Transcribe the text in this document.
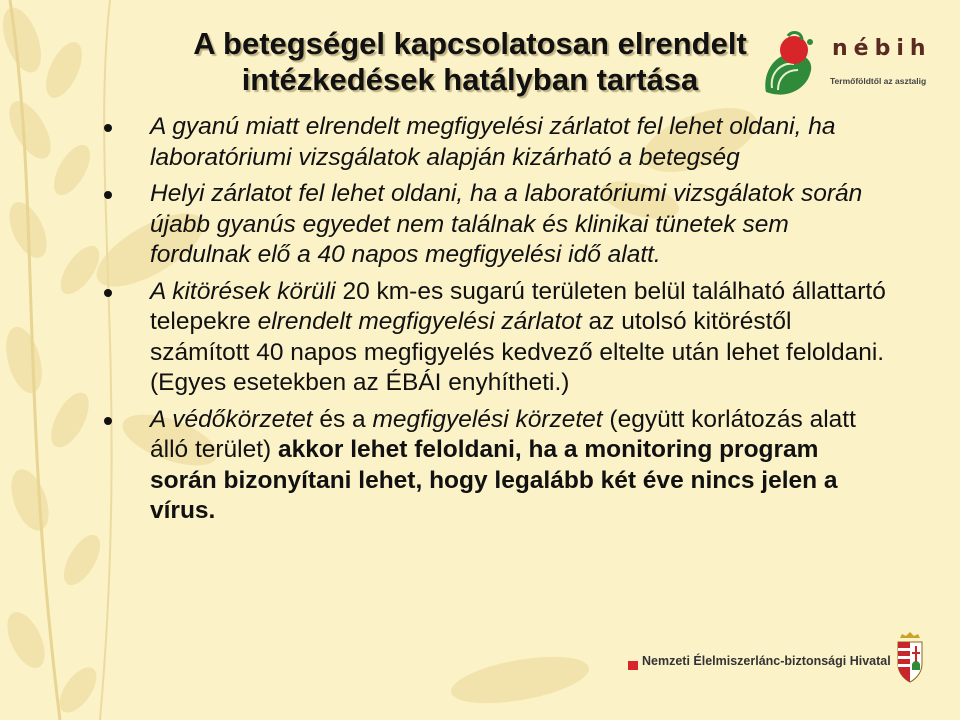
A betegségel kapcsolatosan elrendelt
intézkedések hatályban tartása
nébih
Termőföldtől az asztalig

A gyanú miatt elrendelt megfigyelési zárlatot fel lehet oldani, ha laboratóriumi vizsgálatok alapján kizárható a betegség

Helyi zárlatot fel lehet oldani, ha a laboratóriumi vizsgálatok során újabb gyanús egyedet nem találnak és klinikai tünetek sem fordulnak elő a 40 napos megfigyelési idő alatt.

A kitörések körüli 20 km-es sugarú területen belül található állattartó telepekre elrendelt megfigyelési zárlatot az utolsó kitöréstől számított 40 napos megfigyelés kedvező eltelte után lehet feloldani. (Egyes esetekben az ÉBÁI enyhítheti.)

A védőkörzetet és a megfigyelési körzetet (együtt korlátozás alatt álló terület) akkor lehet feloldani, ha a monitoring program során bizonyítani lehet, hogy legalább két éve nincs jelen a vírus.

Nemzeti Élelmiszerlánc-biztonsági Hivatal
